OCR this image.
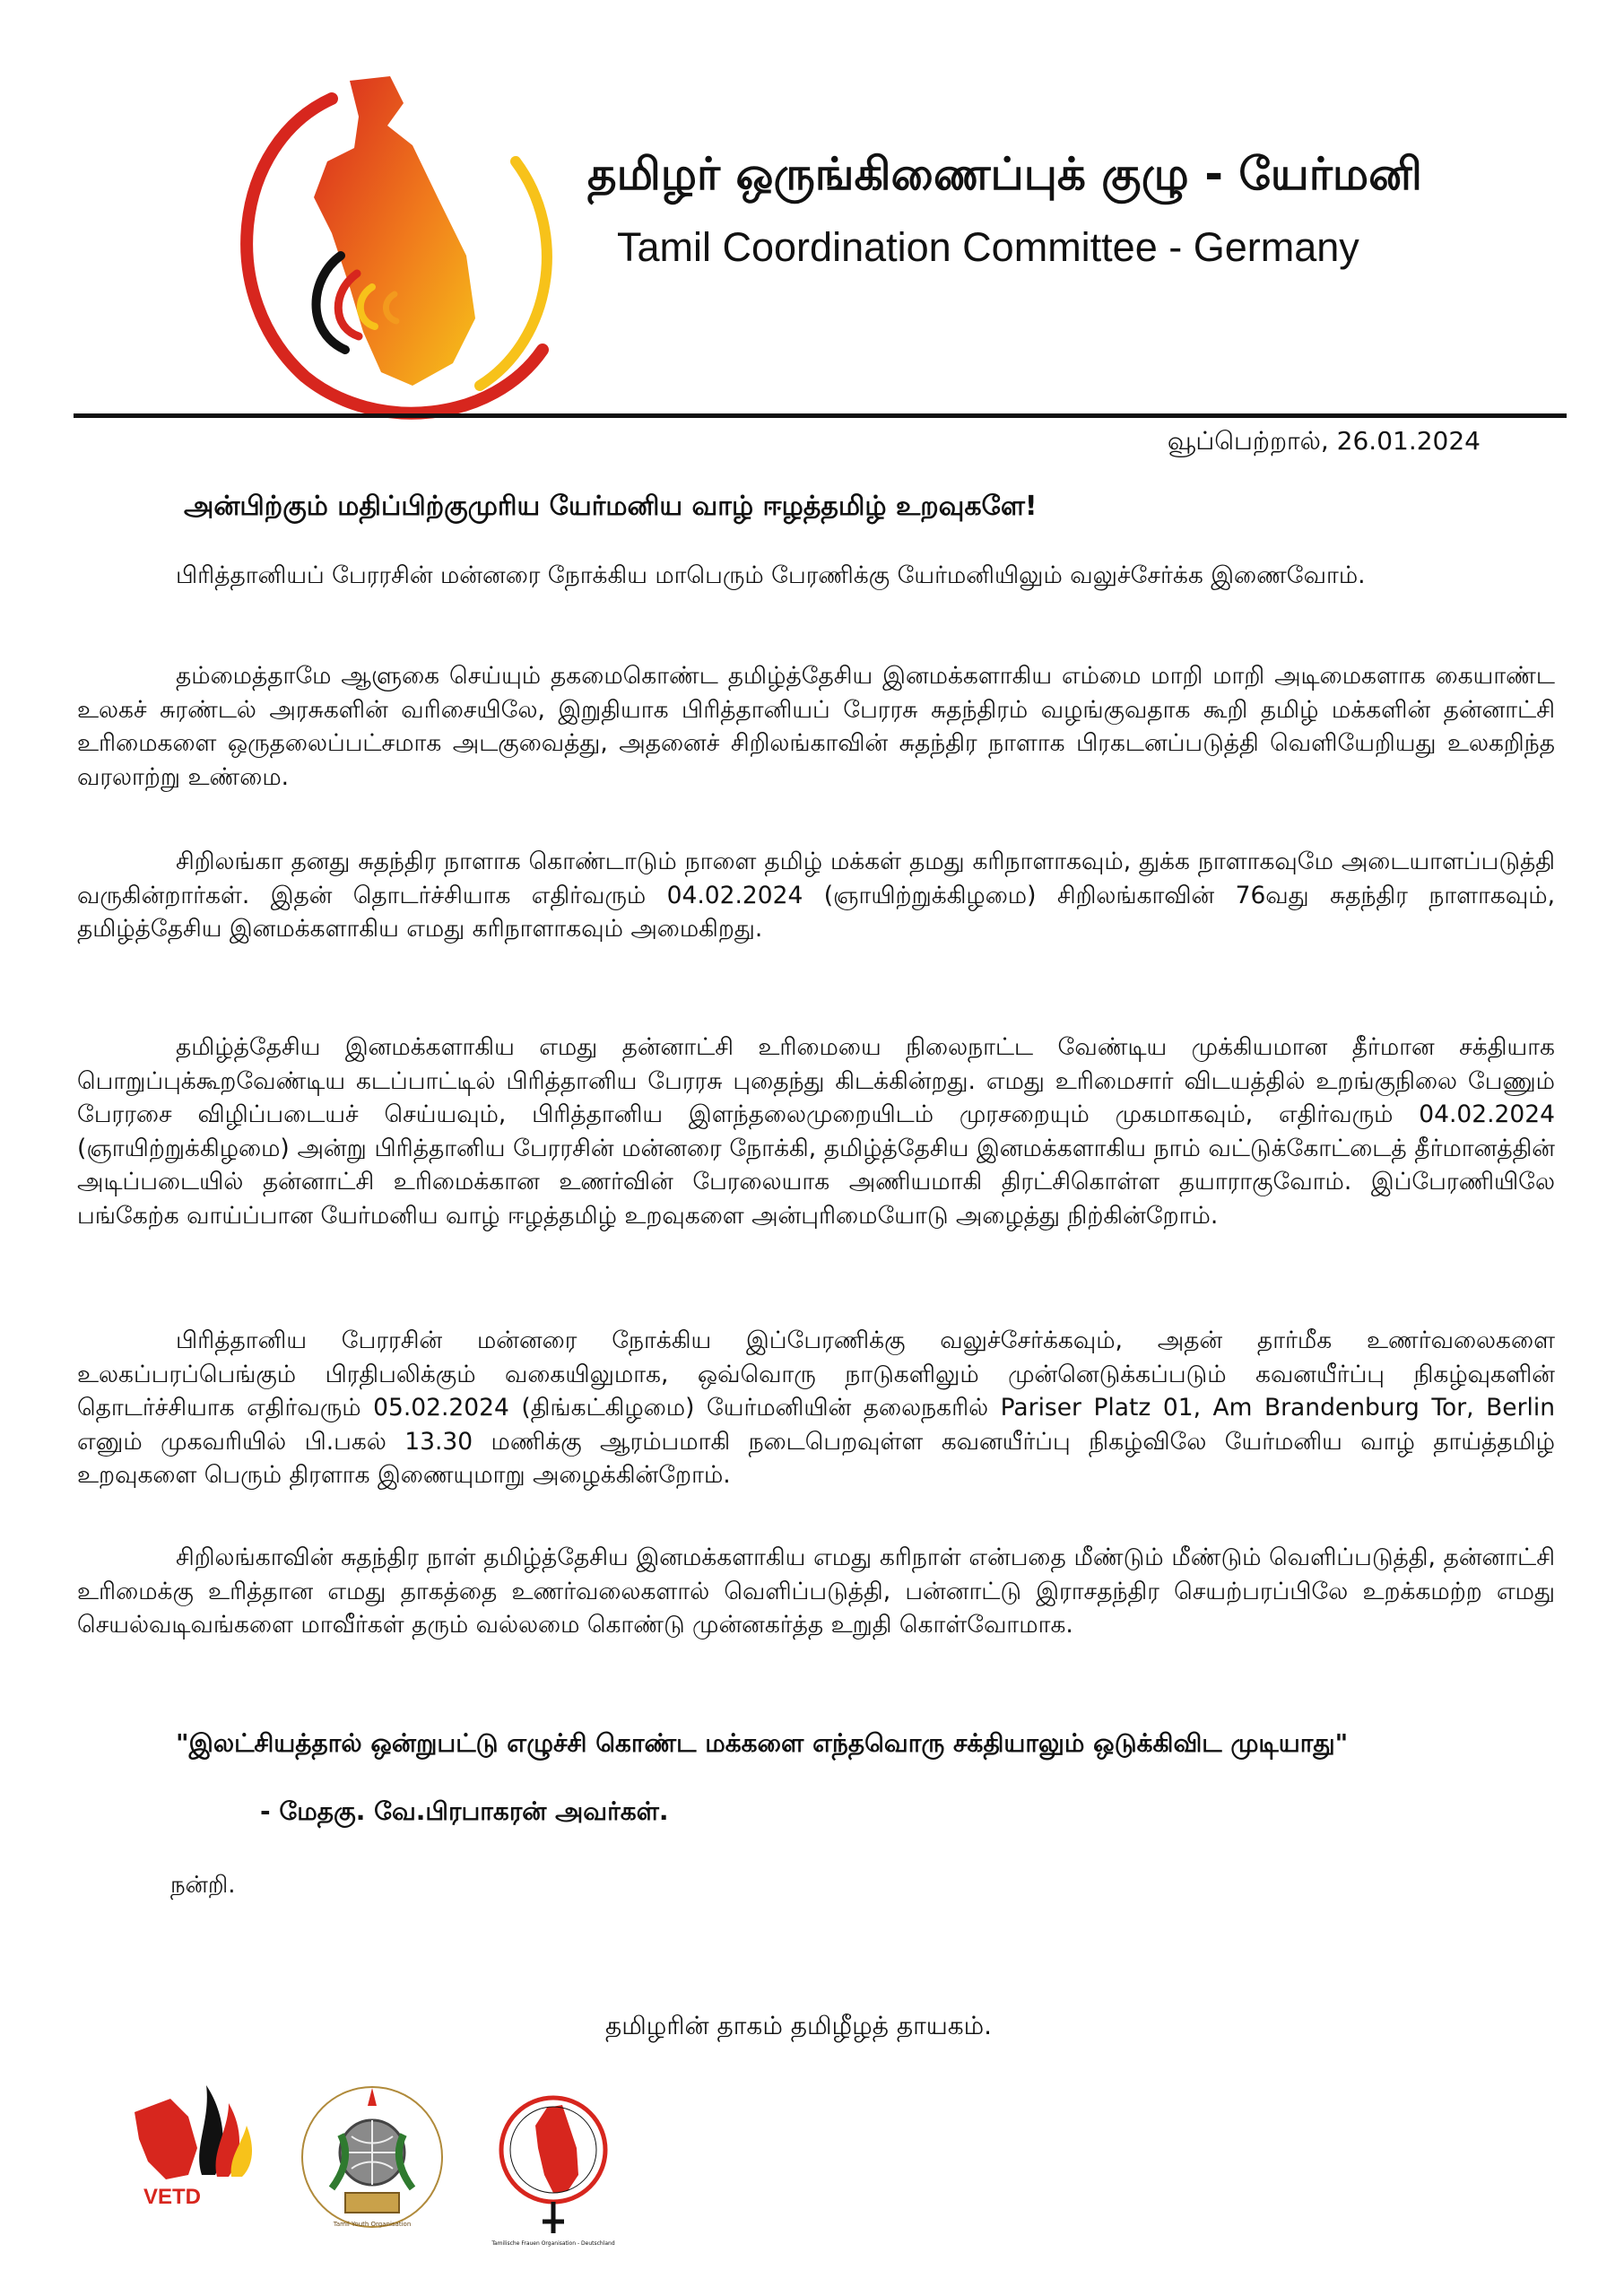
தமிழர் ஒருங்கிணைப்புக் குழு - யேர்மனி
Tamil Coordination Committee - Germany
வூப்பெற்றால், 26.01.2024
அன்பிற்கும் மதிப்பிற்குமுரிய யேர்மனிய வாழ் ஈழத்தமிழ் உறவுகளே!

பிரித்தானியப் பேரரசின் மன்னரை நோக்கிய மாபெரும் பேரணிக்கு யேர்மனியிலும் வலுச்சேர்க்க இணைவோம்.

தம்மைத்தாமே ஆளுகை செய்யும் தகமைகொண்ட தமிழ்த்தேசிய இனமக்களாகிய எம்மை மாறி மாறி அடிமைகளாக கையாண்ட உலகச் சுரண்டல் அரசுகளின் வரிசையிலே, இறுதியாக பிரித்தானியப் பேரரசு சுதந்திரம் வழங்குவதாக கூறி தமிழ் மக்களின் தன்னாட்சி உரிமைகளை ஒருதலைப்பட்சமாக அடகுவைத்து, அதனைச் சிறிலங்காவின் சுதந்திர நாளாக பிரகடனப்படுத்தி வெளியேறியது உலகறிந்த வரலாற்று உண்மை.

சிறிலங்கா தனது சுதந்திர நாளாக கொண்டாடும் நாளை தமிழ் மக்கள் தமது கரிநாளாகவும், துக்க நாளாகவுமே அடையாளப்படுத்தி வருகின்றார்கள். இதன் தொடர்ச்சியாக எதிர்வரும் 04.02.2024 (ஞாயிற்றுக்கிழமை) சிறிலங்காவின் 76வது சுதந்திர நாளாகவும், தமிழ்த்தேசிய இனமக்களாகிய எமது கரிநாளாகவும் அமைகிறது.

தமிழ்த்தேசிய இனமக்களாகிய எமது தன்னாட்சி உரிமையை நிலைநாட்ட வேண்டிய முக்கியமான தீர்மான சக்தியாக பொறுப்புக்கூறவேண்டிய கடப்பாட்டில் பிரித்தானிய பேரரசு புதைந்து கிடக்கின்றது. எமது உரிமைசார் விடயத்தில் உறங்குநிலை பேணும் பேரரசை விழிப்படையச் செய்யவும், பிரித்தானிய இளந்தலைமுறையிடம் முரசறையும் முகமாகவும், எதிர்வரும் 04.02.2024 (ஞாயிற்றுக்கிழமை) அன்று பிரித்தானிய பேரரசின் மன்னரை நோக்கி, தமிழ்த்தேசிய இனமக்களாகிய நாம் வட்டுக்கோட்டைத் தீர்மானத்தின் அடிப்படையில் தன்னாட்சி உரிமைக்கான உணர்வின் பேரலையாக அணியமாகி திரட்சிகொள்ள தயாராகுவோம். இப்பேரணியிலே பங்கேற்க வாய்ப்பான யேர்மனிய வாழ் ஈழத்தமிழ் உறவுகளை அன்புரிமையோடு அழைத்து நிற்கின்றோம்.

பிரித்தானிய பேரரசின் மன்னரை நோக்கிய இப்பேரணிக்கு வலுச்சேர்க்கவும், அதன் தார்மீக உணர்வலைகளை உலகப்பரப்பெங்கும் பிரதிபலிக்கும் வகையிலுமாக, ஒவ்வொரு நாடுகளிலும் முன்னெடுக்கப்படும் கவனயீர்ப்பு நிகழ்வுகளின் தொடர்ச்சியாக எதிர்வரும் 05.02.2024 (திங்கட்கிழமை) யேர்மனியின் தலைநகரில் Pariser Platz 01, Am Brandenburg Tor, Berlin எனும் முகவரியில் பி.பகல் 13.30 மணிக்கு ஆரம்பமாகி நடைபெறவுள்ள கவனயீர்ப்பு நிகழ்விலே யேர்மனிய வாழ் தாய்த்தமிழ் உறவுகளை பெரும் திரளாக இணையுமாறு அழைக்கின்றோம்.

சிறிலங்காவின் சுதந்திர நாள் தமிழ்த்தேசிய இனமக்களாகிய எமது கரிநாள் என்பதை மீண்டும் மீண்டும் வெளிப்படுத்தி, தன்னாட்சி உரிமைக்கு உரித்தான எமது தாகத்தை உணர்வலைகளால் வெளிப்படுத்தி, பன்னாட்டு இராசதந்திர செயற்பரப்பிலே உறக்கமற்ற எமது செயல்வடிவங்களை மாவீர்கள் தரும் வல்லமை கொண்டு முன்னகர்த்த உறுதி கொள்வோமாக.

"இலட்சியத்தால் ஒன்றுபட்டு எழுச்சி கொண்ட மக்களை எந்தவொரு சக்தியாலும் ஒடுக்கிவிட முடியாது"

- மேதகு. வே.பிரபாகரன் அவர்கள்.
நன்றி.
தமிழரின் தாகம் தமிழீழத் தாயகம்.
VETD
Tamil Youth Organisation
Tamilische Frauen Organisation - Deutschland
